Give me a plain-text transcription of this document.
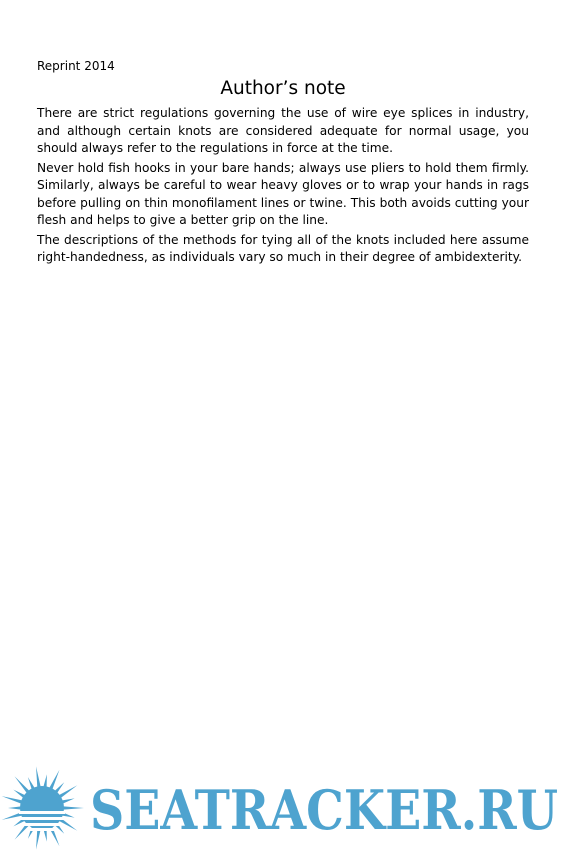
Reprint 2014
Author’s note

There are strict regulations governing the use of wire eye splices in industry, and although certain knots are considered adequate for normal usage, you should always refer to the regulations in force at the time.

Never hold fish hooks in your bare hands; always use pliers to hold them firmly. Similarly, always be careful to wear heavy gloves or to wrap your hands in rags before pulling on thin monofilament lines or twine. This both avoids cutting your flesh and helps to give a better grip on the line.

The descriptions of the methods for tying all of the knots included here assume right-handedness, as individuals vary so much in their degree of ambidexterity.

SEATRACKER.RU
